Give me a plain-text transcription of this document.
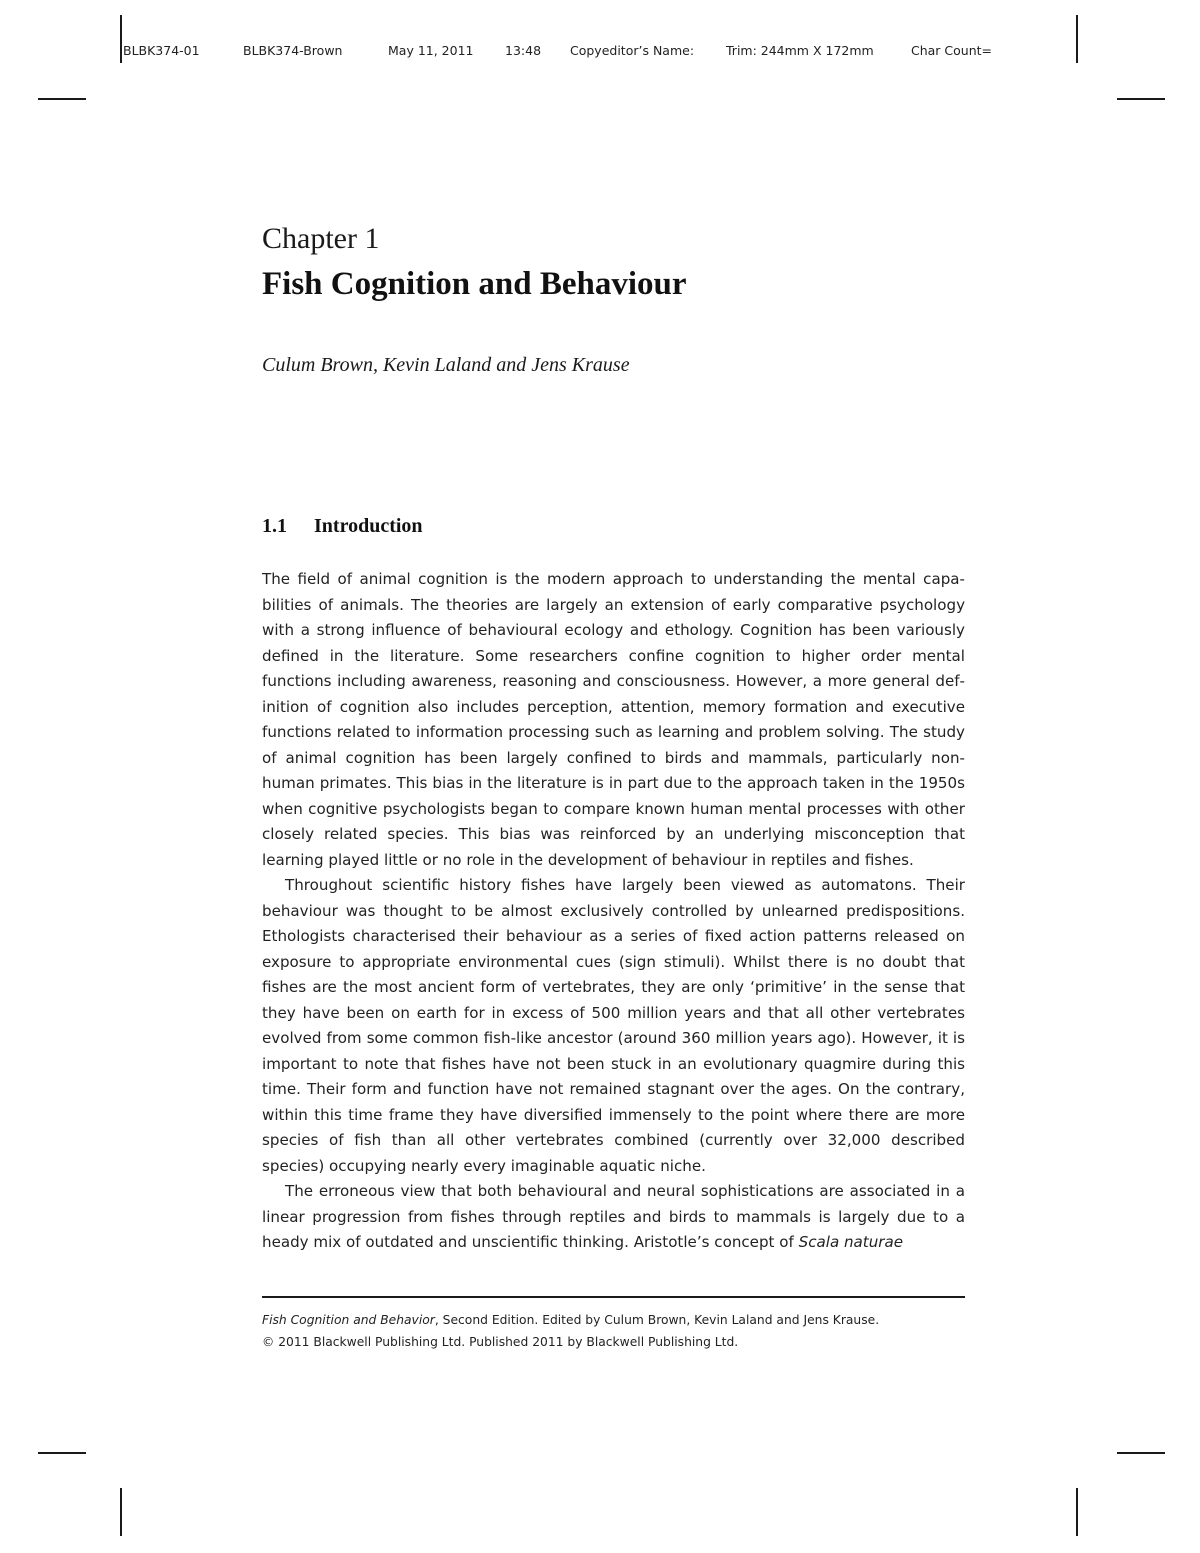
BLBK374-01	BLBK374-Brown	May 11, 2011	13:48 Copyeditor’s Name:	Trim: 244mm X 172mm	Char Count=
Chapter 1
Fish Cognition and Behaviour
Culum Brown, Kevin Laland and Jens Krause
1.1 Introduction

The field of animal cognition is the modern approach to understanding the mental capabilities of animals. The theories are largely an extension of early comparative psychology with a strong influence of behavioural ecology and ethology. Cognition has been variously defined in the literature. Some researchers confine cognition to higher order mental functions including awareness, reasoning and consciousness. However, a more general definition of cognition also includes perception, attention, memory formation and executive functions related to information processing such as learning and problem solving. The study of animal cognition has been largely confined to birds and mammals, particularly non-human primates. This bias in the literature is in part due to the approach taken in the 1950s when cognitive psychologists began to compare known human mental processes with other closely related species. This bias was reinforced by an underlying misconception that learning played little or no role in the development of behaviour in reptiles and fishes.

Throughout scientific history fishes have largely been viewed as automatons. Their behaviour was thought to be almost exclusively controlled by unlearned predispositions. Ethologists characterised their behaviour as a series of fixed action patterns released on exposure to appropriate environmental cues (sign stimuli). Whilst there is no doubt that fishes are the most ancient form of vertebrates, they are only ‘primitive’ in the sense that they have been on earth for in excess of 500 million years and that all other vertebrates evolved from some common fish-like ancestor (around 360 million years ago). However, it is important to note that fishes have not been stuck in an evolutionary quagmire during this time. Their form and function have not remained stagnant over the ages. On the contrary, within this time frame they have diversified immensely to the point where there are more species of fish than all other vertebrates combined (currently over 32,000 described species) occupying nearly every imaginable aquatic niche.

The erroneous view that both behavioural and neural sophistications are associated in a linear progression from fishes through reptiles and birds to mammals is largely due to a heady mix of outdated and unscientific thinking. Aristotle’s concept of Scala naturae

Fish Cognition and Behavior, Second Edition. Edited by Culum Brown, Kevin Laland and Jens Krause.
© 2011 Blackwell Publishing Ltd. Published 2011 by Blackwell Publishing Ltd.
